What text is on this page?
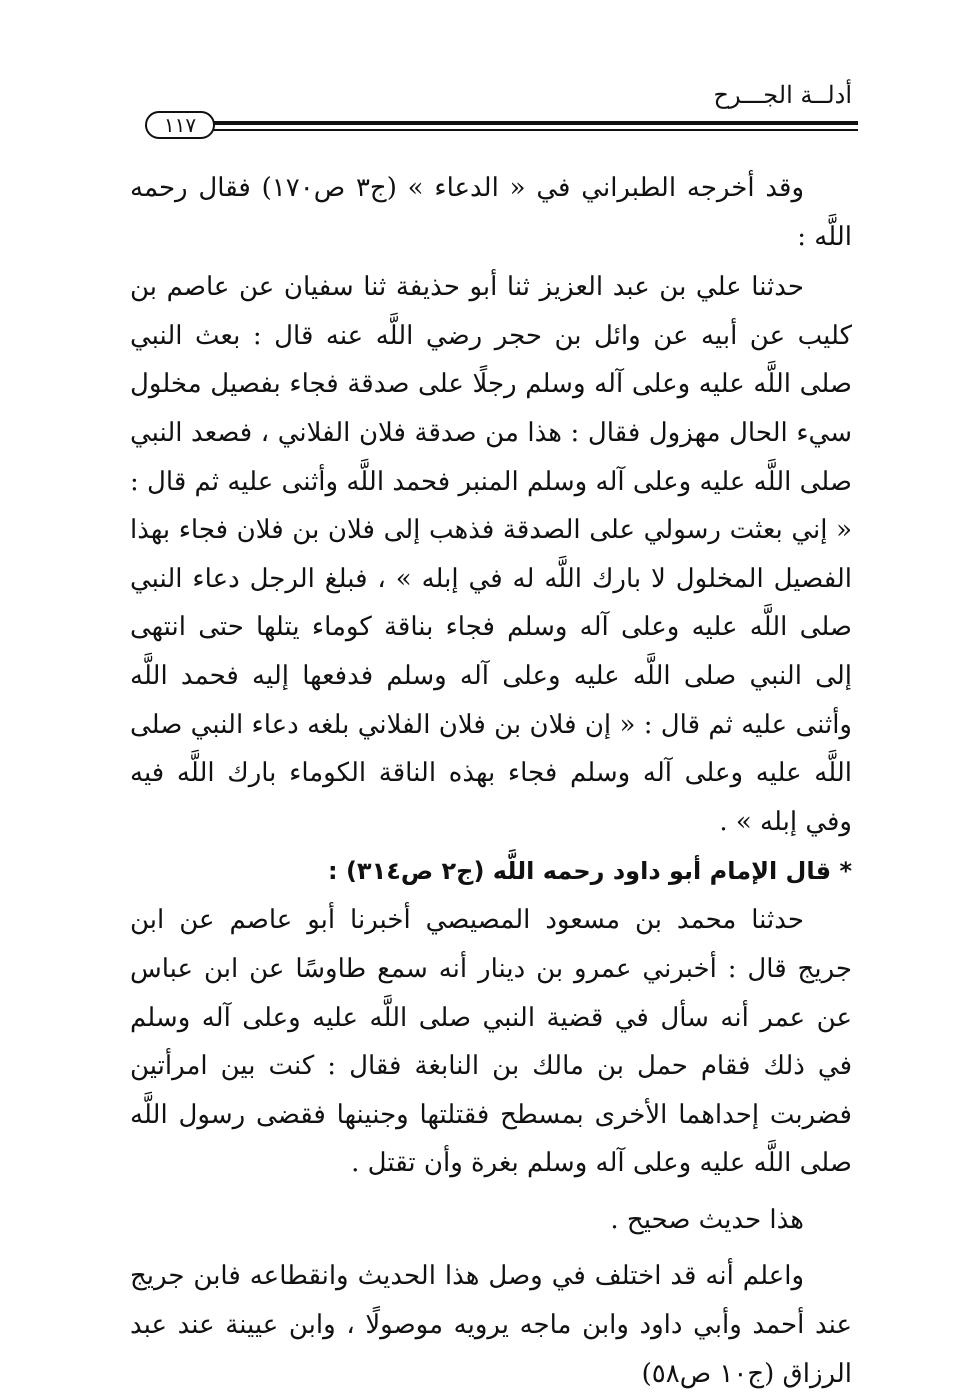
أدلــة الجـــرح
١١٧

وقد أخرجه الطبراني في « الدعاء » (ج٣ ص١٧٠) فقال رحمه اللَّه :

حدثنا علي بن عبد العزيز ثنا أبو حذيفة ثنا سفيان عن عاصم بن كليب عن أبيه عن وائل بن حجر رضي اللَّه عنه قال : بعث النبي صلى اللَّه عليه وعلى آله وسلم رجلًا على صدقة فجاء بفصيل مخلول سيء الحال مهزول فقال : هذا من صدقة فلان الفلاني ، فصعد النبي صلى اللَّه عليه وعلى آله وسلم المنبر فحمد اللَّه وأثنى عليه ثم قال : « إني بعثت رسولي على الصدقة فذهب إلى فلان بن فلان فجاء بهذا الفصيل المخلول لا بارك اللَّه له في إبله » ، فبلغ الرجل دعاء النبي صلى اللَّه عليه وعلى آله وسلم فجاء بناقة كوماء يتلها حتى انتهى إلى النبي صلى اللَّه عليه وعلى آله وسلم فدفعها إليه فحمد اللَّه وأثنى عليه ثم قال : « إن فلان بن فلان الفلاني بلغه دعاء النبي صلى اللَّه عليه وعلى آله وسلم فجاء بهذه الناقة الكوماء بارك اللَّه فيه وفي إبله » .

* قال الإمام أبو داود رحمه اللَّه (ج٢ ص٣١٤) :

حدثنا محمد بن مسعود المصيصي أخبرنا أبو عاصم عن ابن جريج قال : أخبرني عمرو بن دينار أنه سمع طاوسًا عن ابن عباس عن عمر أنه سأل في قضية النبي صلى اللَّه عليه وعلى آله وسلم في ذلك فقام حمل بن مالك بن النابغة فقال : كنت بين امرأتين فضربت إحداهما الأخرى بمسطح فقتلتها وجنينها فقضى رسول اللَّه صلى اللَّه عليه وعلى آله وسلم بغرة وأن تقتل .

هذا حديث صحيح .

واعلم أنه قد اختلف في وصل هذا الحديث وانقطاعه فابن جريج عند أحمد وأبي داود وابن ماجه يرويه موصولًا ، وابن عيينة عند عبد الرزاق (ج١٠ ص٥٨)
